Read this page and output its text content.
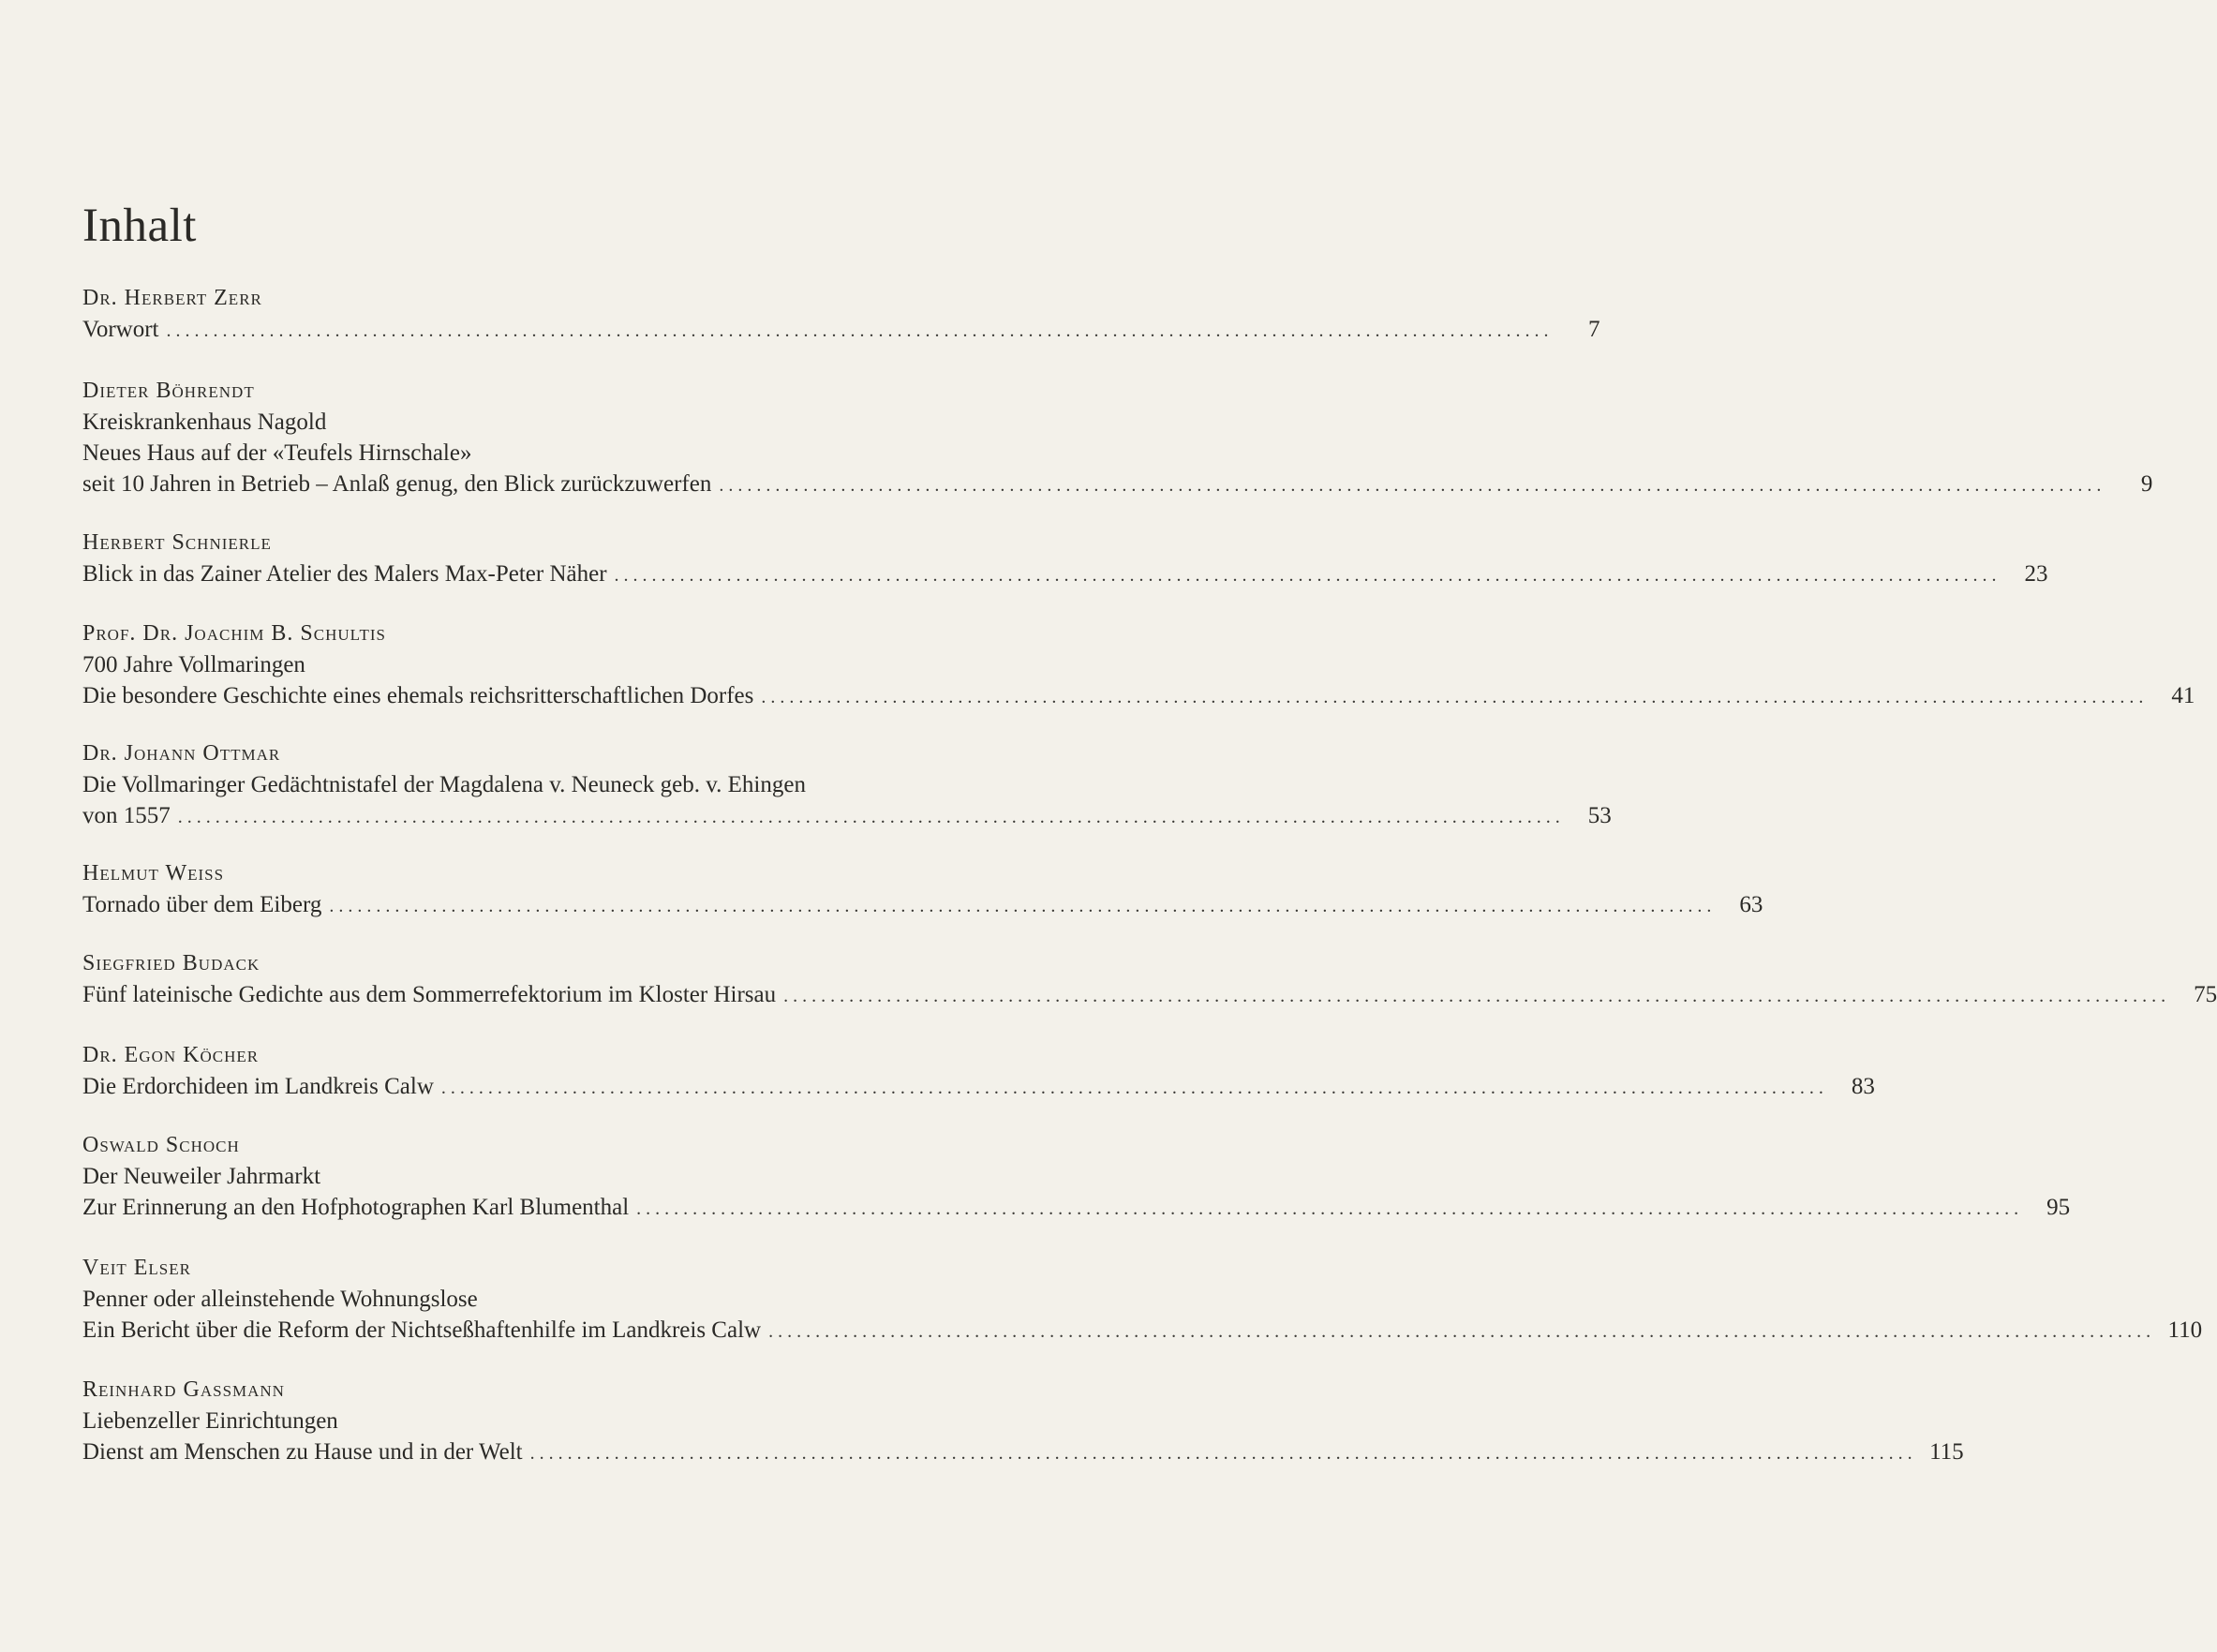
Inhalt
Dr. Herbert Zerr
Vorwort ....................................................................................................................................................	7
Dieter Böhrendt
Kreiskrankenhaus Nagold
Neues Haus auf der «Teufels Hirnschale»
seit 10 Jahren in Betrieb – Anlaß genug, den Blick zurückzuwerfen ....................................................................................................................................................	9
Herbert Schnierle
Blick in das Zainer Atelier des Malers Max-Peter Näher ....................................................................................................................................................	23
Prof. Dr. Joachim B. Schultis
700 Jahre Vollmaringen
Die besondere Geschichte eines ehemals reichsritterschaftlichen Dorfes ....................................................................................................................................................	41
Dr. Johann Ottmar
Die Vollmaringer Gedächtnistafel der Magdalena v. Neuneck geb. v. Ehingen
von 1557 ....................................................................................................................................................	53
Helmut Weiss
Tornado über dem Eiberg ....................................................................................................................................................	63
Siegfried Budack
Fünf lateinische Gedichte aus dem Sommerrefektorium im Kloster Hirsau ....................................................................................................................................................	75
Dr. Egon Köcher
Die Erdorchideen im Landkreis Calw ....................................................................................................................................................	83
Oswald Schoch
Der Neuweiler Jahrmarkt
Zur Erinnerung an den Hofphotographen Karl Blumenthal ....................................................................................................................................................	95
Veit Elser
Penner oder alleinstehende Wohnungslose
Ein Bericht über die Reform der Nichtseßhaftenhilfe im Landkreis Calw .................................................................................................................................................... 110
Reinhard Gassmann
Liebenzeller Einrichtungen
Dienst am Menschen zu Hause und in der Welt .................................................................................................................................................... 115
